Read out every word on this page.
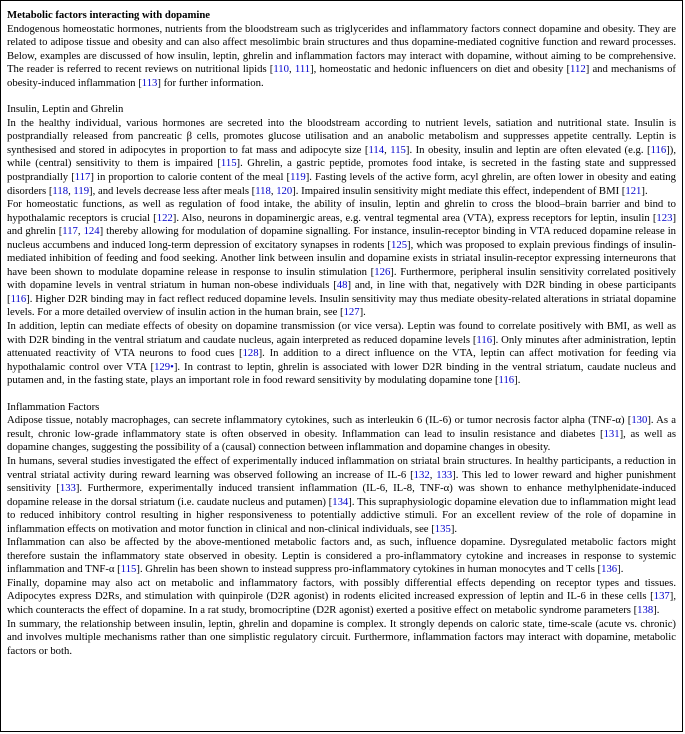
Metabolic factors interacting with dopamine
Endogenous homeostatic hormones, nutrients from the bloodstream such as triglycerides and inflammatory factors connect dopamine and obesity. They are related to adipose tissue and obesity and can also affect mesolimbic brain structures and thus dopamine-mediated cognitive function and reward processes. Below, examples are discussed of how insulin, leptin, ghrelin and inflammation factors may interact with dopamine, without aiming to be comprehensive. The reader is referred to recent reviews on nutritional lipids [110, 111], homeostatic and hedonic influencers on diet and obesity [112] and mechanisms of obesity-induced inflammation [113] for further information.
Insulin, Leptin and Ghrelin
In the healthy individual, various hormones are secreted into the bloodstream according to nutrient levels, satiation and nutritional state. Insulin is postprandially released from pancreatic β cells, promotes glucose utilisation and an anabolic metabolism and suppresses appetite centrally. Leptin is synthesised and stored in adipocytes in proportion to fat mass and adipocyte size [114, 115]. In obesity, insulin and leptin are often elevated (e.g. [116]), while (central) sensitivity to them is impaired [115]. Ghrelin, a gastric peptide, promotes food intake, is secreted in the fasting state and suppressed postprandially [117] in proportion to calorie content of the meal [119]. Fasting levels of the active form, acyl ghrelin, are often lower in obesity and eating disorders [118, 119], and levels decrease less after meals [118, 120]. Impaired insulin sensitivity might mediate this effect, independent of BMI [121].
For homeostatic functions, as well as regulation of food intake, the ability of insulin, leptin and ghrelin to cross the blood–brain barrier and bind to hypothalamic receptors is crucial [122]. Also, neurons in dopaminergic areas, e.g. ventral tegmental area (VTA), express receptors for leptin, insulin [123] and ghrelin [117, 124] thereby allowing for modulation of dopamine signalling. For instance, insulin-receptor binding in VTA reduced dopamine release in nucleus accumbens and induced long-term depression of excitatory synapses in rodents [125], which was proposed to explain previous findings of insulin-mediated inhibition of feeding and food seeking. Another link between insulin and dopamine exists in striatal insulin-receptor expressing interneurons that have been shown to modulate dopamine release in response to insulin stimulation [126]. Furthermore, peripheral insulin sensitivity correlated positively with dopamine levels in ventral striatum in human non-obese individuals [48] and, in line with that, negatively with D2R binding in obese participants [116]. Higher D2R binding may in fact reflect reduced dopamine levels. Insulin sensitivity may thus mediate obesity-related alterations in striatal dopamine levels. For a more detailed overview of insulin action in the human brain, see [127].
In addition, leptin can mediate effects of obesity on dopamine transmission (or vice versa). Leptin was found to correlate positively with BMI, as well as with D2R binding in the ventral striatum and caudate nucleus, again interpreted as reduced dopamine levels [116]. Only minutes after administration, leptin attenuated reactivity of VTA neurons to food cues [128]. In addition to a direct influence on the VTA, leptin can affect motivation for feeding via hypothalamic control over VTA [129•]. In contrast to leptin, ghrelin is associated with lower D2R binding in the ventral striatum, caudate nucleus and putamen and, in the fasting state, plays an important role in food reward sensitivity by modulating dopamine tone [116].
Inflammation Factors
Adipose tissue, notably macrophages, can secrete inflammatory cytokines, such as interleukin 6 (IL-6) or tumor necrosis factor alpha (TNF-α) [130]. As a result, chronic low-grade inflammatory state is often observed in obesity. Inflammation can lead to insulin resistance and diabetes [131], as well as dopamine changes, suggesting the possibility of a (causal) connection between inflammation and dopamine changes in obesity.
In humans, several studies investigated the effect of experimentally induced inflammation on striatal brain structures. In healthy participants, a reduction in ventral striatal activity during reward learning was observed following an increase of IL-6 [132, 133]. This led to lower reward and higher punishment sensitivity [133]. Furthermore, experimentally induced transient inflammation (IL-6, IL-8, TNF-α) was shown to enhance methylphenidate-induced dopamine release in the dorsal striatum (i.e. caudate nucleus and putamen) [134]. This supraphysiologic dopamine elevation due to inflammation might lead to reduced inhibitory control resulting in higher responsiveness to potentially addictive stimuli. For an excellent review of the role of dopamine in inflammation effects on motivation and motor function in clinical and non-clinical individuals, see [135].
Inflammation can also be affected by the above-mentioned metabolic factors and, as such, influence dopamine. Dysregulated metabolic factors might therefore sustain the inflammatory state observed in obesity. Leptin is considered a pro-inflammatory cytokine and increases in response to systemic inflammation and TNF-α [115]. Ghrelin has been shown to instead suppress pro-inflammatory cytokines in human monocytes and T cells [136].
Finally, dopamine may also act on metabolic and inflammatory factors, with possibly differential effects depending on receptor types and tissues. Adipocytes express D2Rs, and stimulation with quinpirole (D2R agonist) in rodents elicited increased expression of leptin and IL-6 in these cells [137], which counteracts the effect of dopamine. In a rat study, bromocriptine (D2R agonist) exerted a positive effect on metabolic syndrome parameters [138].
In summary, the relationship between insulin, leptin, ghrelin and dopamine is complex. It strongly depends on caloric state, time-scale (acute vs. chronic) and involves multiple mechanisms rather than one simplistic regulatory circuit. Furthermore, inflammation factors may interact with dopamine, metabolic factors or both.
